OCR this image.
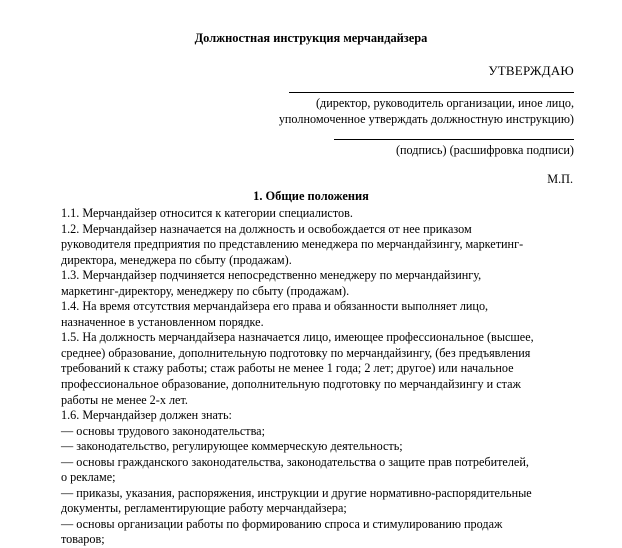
Должностная инструкция мерчандайзера
УТВЕРЖДАЮ
(директор, руководитель организации, иное лицо,
уполномоченное утверждать должностную инструкцию)
(подпись) (расшифровка подписи)
М.П.
1. Общие положения
1.1. Мерчандайзер относится к категории специалистов.
1.2. Мерчандайзер назначается на должность и освобождается от нее приказом
руководителя предприятия по представлению менеджера по мерчандайзингу, маркетинг-
директора, менеджера по сбыту (продажам).
1.3. Мерчандайзер подчиняется непосредственно менеджеру по мерчандайзингу,
маркетинг-директору, менеджеру по сбыту (продажам).
1.4. На время отсутствия мерчандайзера его права и обязанности выполняет лицо,
назначенное в установленном порядке.
1.5. На должность мерчандайзера назначается лицо, имеющее профессиональное (высшее,
среднее) образование, дополнительную подготовку по мерчандайзингу, (без предъявления
требований к стажу работы; стаж работы не менее 1 года; 2 лет; другое) или начальное
профессиональное образование, дополнительную подготовку по мерчандайзингу и стаж
работы не менее 2-х лет.
1.6. Мерчандайзер должен знать:
— основы трудового законодательства;
— законодательство, регулирующее коммерческую деятельность;
— основы гражданского законодательства, законодательства о защите прав потребителей,
о рекламе;
— приказы, указания, распоряжения, инструкции и другие нормативно-распорядительные
документы, регламентирующие работу мерчандайзера;
— основы организации работы по формированию спроса и стимулированию продаж
товаров;
